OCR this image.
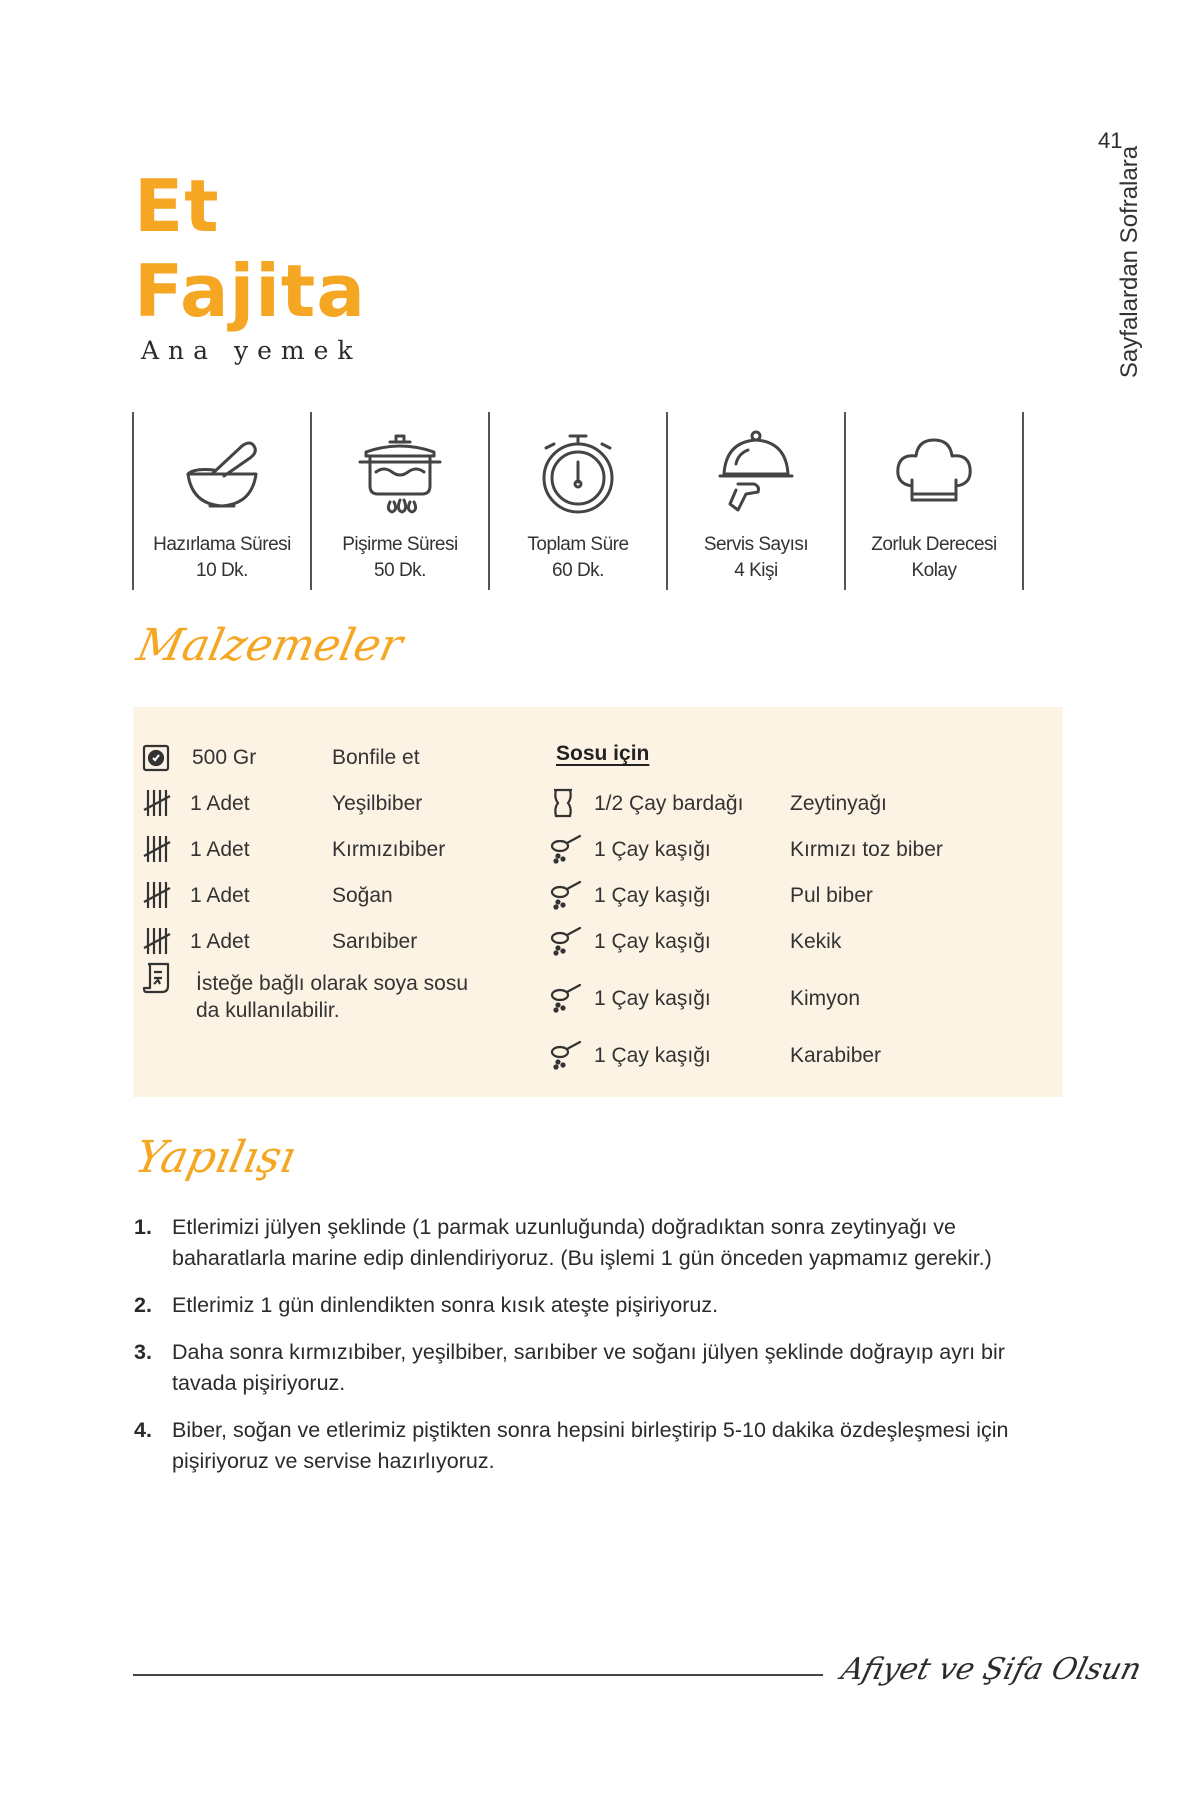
41
Sayfalardan Sofralara
Et
Fajita
Ana yemek
Hazırlama Süresi
10 Dk.
Pişirme Süresi
50 Dk.
Toplam Süre
60 Dk.
Servis Sayısı
4 Kişi
Zorluk Derecesi
Kolay
Malzemeler
500 Gr	Bonfile et
1 Adet	Yeşilbiber
1 Adet	Kırmızıbiber
1 Adet	Soğan
1 Adet	Sarıbiber
İsteğe bağlı olarak soya sosu da kullanılabilir.
Sosu için
1/2 Çay bardağı Zeytinyağı
1 Çay kaşığı	Kırmızı toz biber
1 Çay kaşığı	Pul biber
1 Çay kaşığı	Kekik
1 Çay kaşığı	Kimyon
1 Çay kaşığı	Karabiber
Yapılışı
1. Etlerimizi jülyen şeklinde (1 parmak uzunluğunda) doğradıktan sonra zeytinyağı ve baharatlarla marine edip dinlendiriyoruz. (Bu işlemi 1 gün önceden yapmamız gerekir.)
2. Etlerimiz 1 gün dinlendikten sonra kısık ateşte pişiriyoruz.
3. Daha sonra kırmızıbiber, yeşilbiber, sarıbiber ve soğanı jülyen şeklinde doğrayıp ayrı bir tavada pişiriyoruz.
4. Biber, soğan ve etlerimiz piştikten sonra hepsini birleştirip 5-10 dakika özdeşleşmesi için pişiriyoruz ve servise hazırlıyoruz.
Afiyet ve Şifa Olsun
